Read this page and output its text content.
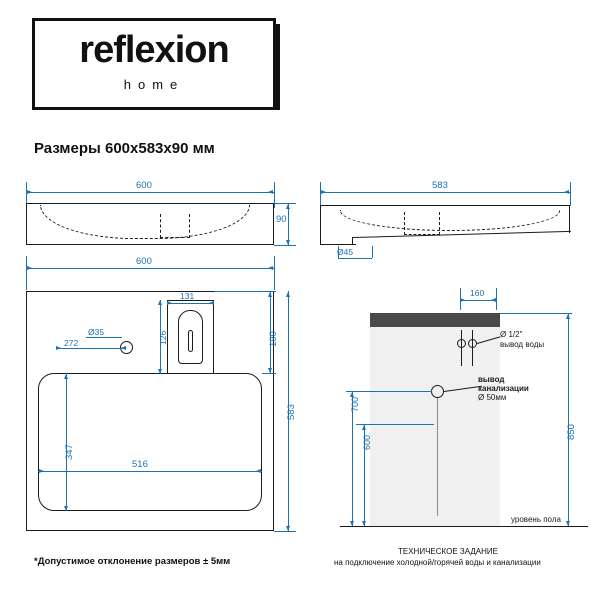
reflexion
home
Размеры 600х583х90 мм
600
90
583
Ø45
600
131
126
Ø35
272	190
583
347
516
160
Ø 1/2"
вывод воды
вывод
канализации
Ø 50мм
уровень пола
700
600
850
*Допустимое отклонение размеров ± 5мм
ТЕХНИЧЕСКОЕ ЗАДАНИЕ
на подключение холодной/горячей воды и канализации
